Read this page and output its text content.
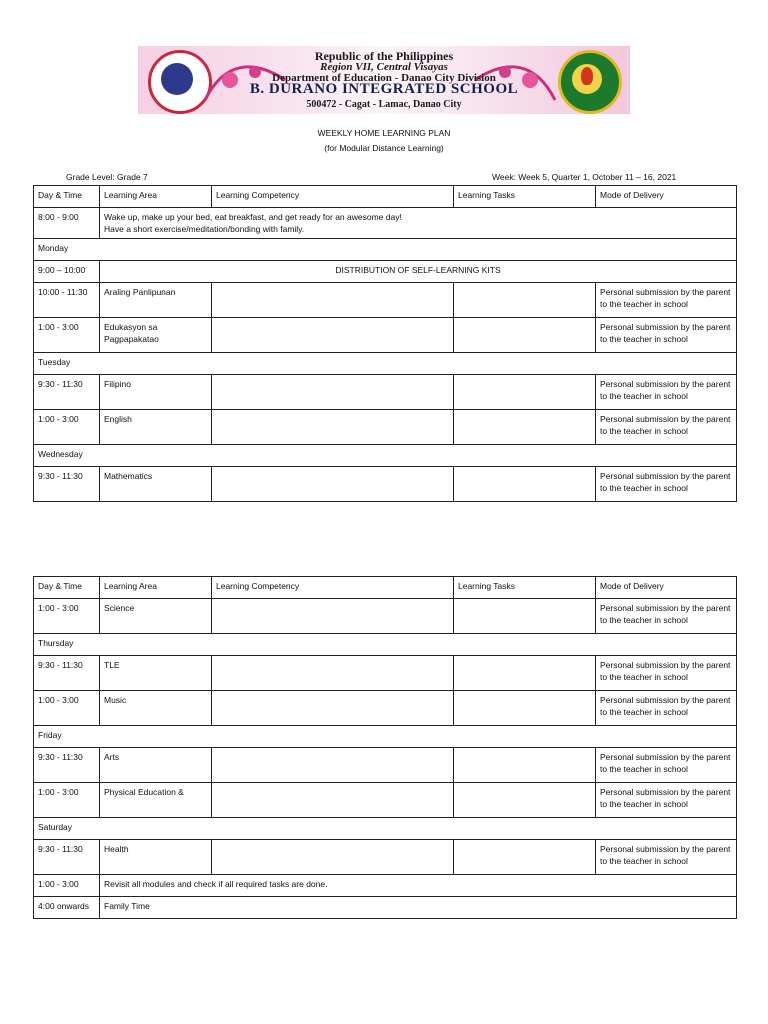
Republic of the Philippines
Region VII, Central Visayas
Department of Education - Danao City Division
B. DURANO INTEGRATED SCHOOL
500472 - Cagat - Lamac, Danao City
WEEKLY HOME LEARNING PLAN
(for Modular Distance Learning)
Grade Level: Grade 7	Week: Week 5, Quarter 1, October 11 – 16, 2021
Day & Time	Learning Area	Learning Competency	Learning Tasks	Mode of Delivery
8:00 - 9:00	Wake up, make up your bed, eat breakfast, and get ready for an awesome day!
Have a short exercise/meditation/bonding with family.			

Monday				
9:00 – 10:00	DISTRIBUTION OF SELF-LEARNING KITS			
10:00 - 11:30	Araling Panlipunan			Personal submission by the parent to the teacher in school
1:00 - 3:00	Edukasyon sa Pagpapakatao			Personal submission by the parent to the teacher in school
Tuesday				
9:30 - 11:30	Filipino			Personal submission by the parent to the teacher in school
1:00 - 3:00	English			Personal submission by the parent to the teacher in school
Wednesday				
9:30 - 11:30	Mathematics			Personal submission by the parent to the teacher in school
Day & Time	Learning Area	Learning Competency	Learning Tasks	Mode of Delivery
1:00 - 3:00	Science			Personal submission by the parent to the teacher in school
Thursday				
9:30 - 11:30	TLE			Personal submission by the parent to the teacher in school
1:00 - 3:00	Music			Personal submission by the parent to the teacher in school
Friday				
9:30 - 11:30	Arts			Personal submission by the parent to the teacher in school
1:00 - 3:00	Physical Education &			Personal submission by the parent to the teacher in school
Saturday				
9:30 - 11:30	Health			Personal submission by the parent to the teacher in school
1:00 - 3:00	Revisit all modules and check if all required tasks are done.			
4:00 onwards	Family Time			
